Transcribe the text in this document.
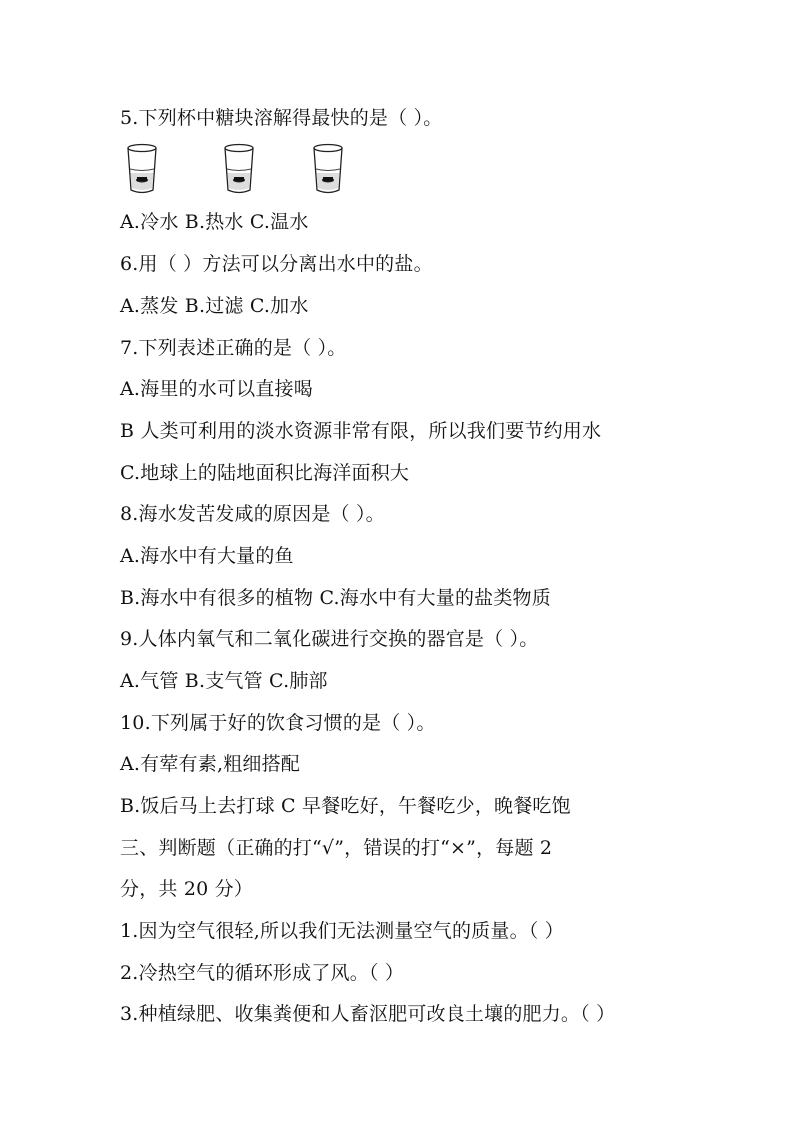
5.下列杯中糖块溶解得最快的是（ ）。
A.冷水 B.热水 C.温水
6.用（ ）方法可以分离出水中的盐。
A.蒸发 B.过滤 C.加水
7.下列表述正确的是（ ）。
A.海里的水可以直接喝
B 人类可利用的淡水资源非常有限，所以我们要节约用水
C.地球上的陆地面积比海洋面积大
8.海水发苦发咸的原因是（ ）。
A.海水中有大量的鱼
B.海水中有很多的植物 C.海水中有大量的盐类物质
9.人体内氧气和二氧化碳进行交换的器官是（ ）。
A.气管 B.支气管 C.肺部
10.下列属于好的饮食习惯的是（ ）。
A.有荤有素,粗细搭配
B.饭后马上去打球 C 早餐吃好，午餐吃少，晚餐吃饱
三、判断题（正确的打“√”，错误的打“×”，每题 2
分，共 20 分）
1.因为空气很轻,所以我们无法测量空气的质量。（ ）
2.冷热空气的循环形成了风。（ ）
3.种植绿肥、收集粪便和人畜沤肥可改良土壤的肥力。（ ）
